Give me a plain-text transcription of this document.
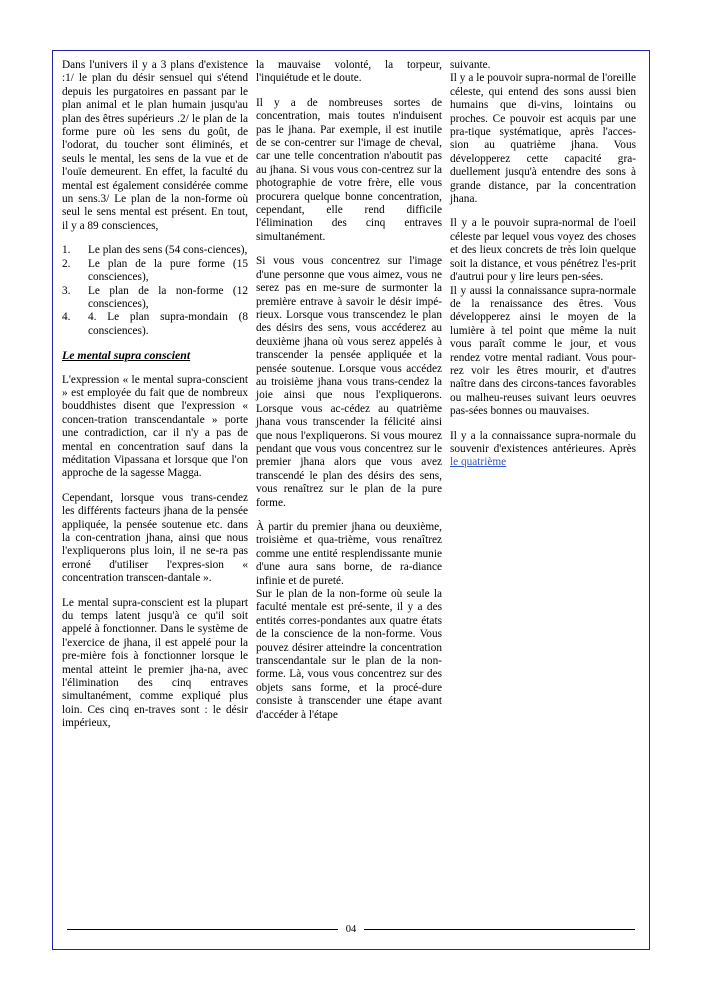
Dans l'univers il y a 3 plans d'existence :1/ le plan du désir sensuel qui s'étend depuis les purgatoires en passant par le plan animal et le plan humain jusqu'au plan des êtres supérieurs .2/ le plan de la forme pure où les sens du goût, de l'odorat, du toucher sont éliminés, et seuls le mental, les sens de la vue et de l'ouïe demeurent. En effet, la faculté du mental est également considérée comme un sens.3/ Le plan de la non-forme où seul le sens mental est présent. En tout, il y a 89 consciences,

1.	Le plan des sens (54 cons-ciences),
2.	Le plan de la pure forme (15 consciences),
3.	Le plan de la non-forme (12 consciences),
4.	4. Le plan supra-mondain (8 consciences).

Le mental supra conscient

L'expression « le mental supra-conscient » est employée du fait que de nombreux bouddhistes disent que l'expression « concen-tration transcendantale » porte une contradiction, car il n'y a pas de mental en concentration sauf dans la méditation Vipassana et lorsque que l'on approche de la sagesse Magga.

Cependant, lorsque vous trans-cendez les différents facteurs jhana de la pensée appliquée, la pensée soutenue etc. dans la con-centration jhana, ainsi que nous l'expliquerons plus loin, il ne se-ra pas erroné d'utiliser l'expres-sion « concentration transcen-dantale ».

Le mental supra-conscient est la plupart du temps latent jusqu'à ce qu'il soit appelé à fonctionner. Dans le système de l'exercice de jhana, il est appelé pour la pre-mière fois à fonctionner lorsque le mental atteint le premier jha-na, avec l'élimination des cinq entraves simultanément, comme expliqué plus loin. Ces cinq en-traves sont : le désir impérieux,

la mauvaise volonté, la torpeur, l'inquiétude et le doute.

Il y a de nombreuses sortes de concentration, mais toutes n'induisent pas le jhana. Par exemple, il est inutile de se con-centrer sur l'image de cheval, car une telle concentration n'aboutit pas au jhana. Si vous vous con-centrez sur la photographie de votre frère, elle vous procurera quelque bonne concentration, cependant, elle rend difficile l'élimination des cinq entraves simultanément.

Si vous vous concentrez sur l'image d'une personne que vous aimez, vous ne serez pas en me-sure de surmonter la première entrave à savoir le désir impé-rieux. Lorsque vous transcendez le plan des désirs des sens, vous accéderez au deuxième jhana où vous serez appelés à transcender la pensée appliquée et la pensée soutenue. Lorsque vous accédez au troisième jhana vous trans-cendez la joie ainsi que nous l'expliquerons. Lorsque vous ac-cédez au quatrième jhana vous transcender la félicité ainsi que nous l'expliquerons. Si vous mourez pendant que vous vous concentrez sur le premier jhana alors que vous avez transcendé le plan des désirs des sens, vous renaîtrez sur le plan de la pure forme.

À partir du premier jhana ou deuxième, troisième et qua-trième, vous renaîtrez comme une entité resplendissante munie d'une aura sans borne, de ra-diance infinie et de pureté.

Sur le plan de la non-forme où seule la faculté mentale est pré-sente, il y a des entités corres-pondantes aux quatre états de la conscience de la non-forme. Vous pouvez désirer atteindre la concentration transcendantale sur le plan de la non-forme. Là, vous vous concentrez sur des objets sans forme, et la procé-dure consiste à transcender une étape avant d'accéder à l'étape

suivante.

Il y a le pouvoir supra-normal de l'oreille céleste, qui entend des sons aussi bien humains que di-vins, lointains ou proches. Ce pouvoir est acquis par une pra-tique systématique, après l'acces-sion au quatrième jhana. Vous développerez cette capacité gra-duellement jusqu'à entendre des sons à grande distance, par la concentration jhana.

Il y a le pouvoir supra-normal de l'oeil céleste par lequel vous voyez des choses et des lieux concrets de très loin quelque soit la distance, et vous pénétrez l'es-prit d'autrui pour y lire leurs pen-sées.

Il y aussi la connaissance supra-normale de la renaissance des êtres. Vous développerez ainsi le moyen de la lumière à tel point que même la nuit vous paraît comme le jour, et vous rendez votre mental radiant. Vous pour-rez voir les êtres mourir, et d'autres naître dans des circons-tances favorables ou malheu-reuses suivant leurs oeuvres pas-sées bonnes ou mauvaises.

Il y a la connaissance supra-normale du souvenir d'existences antérieures. Après le quatrième

04
